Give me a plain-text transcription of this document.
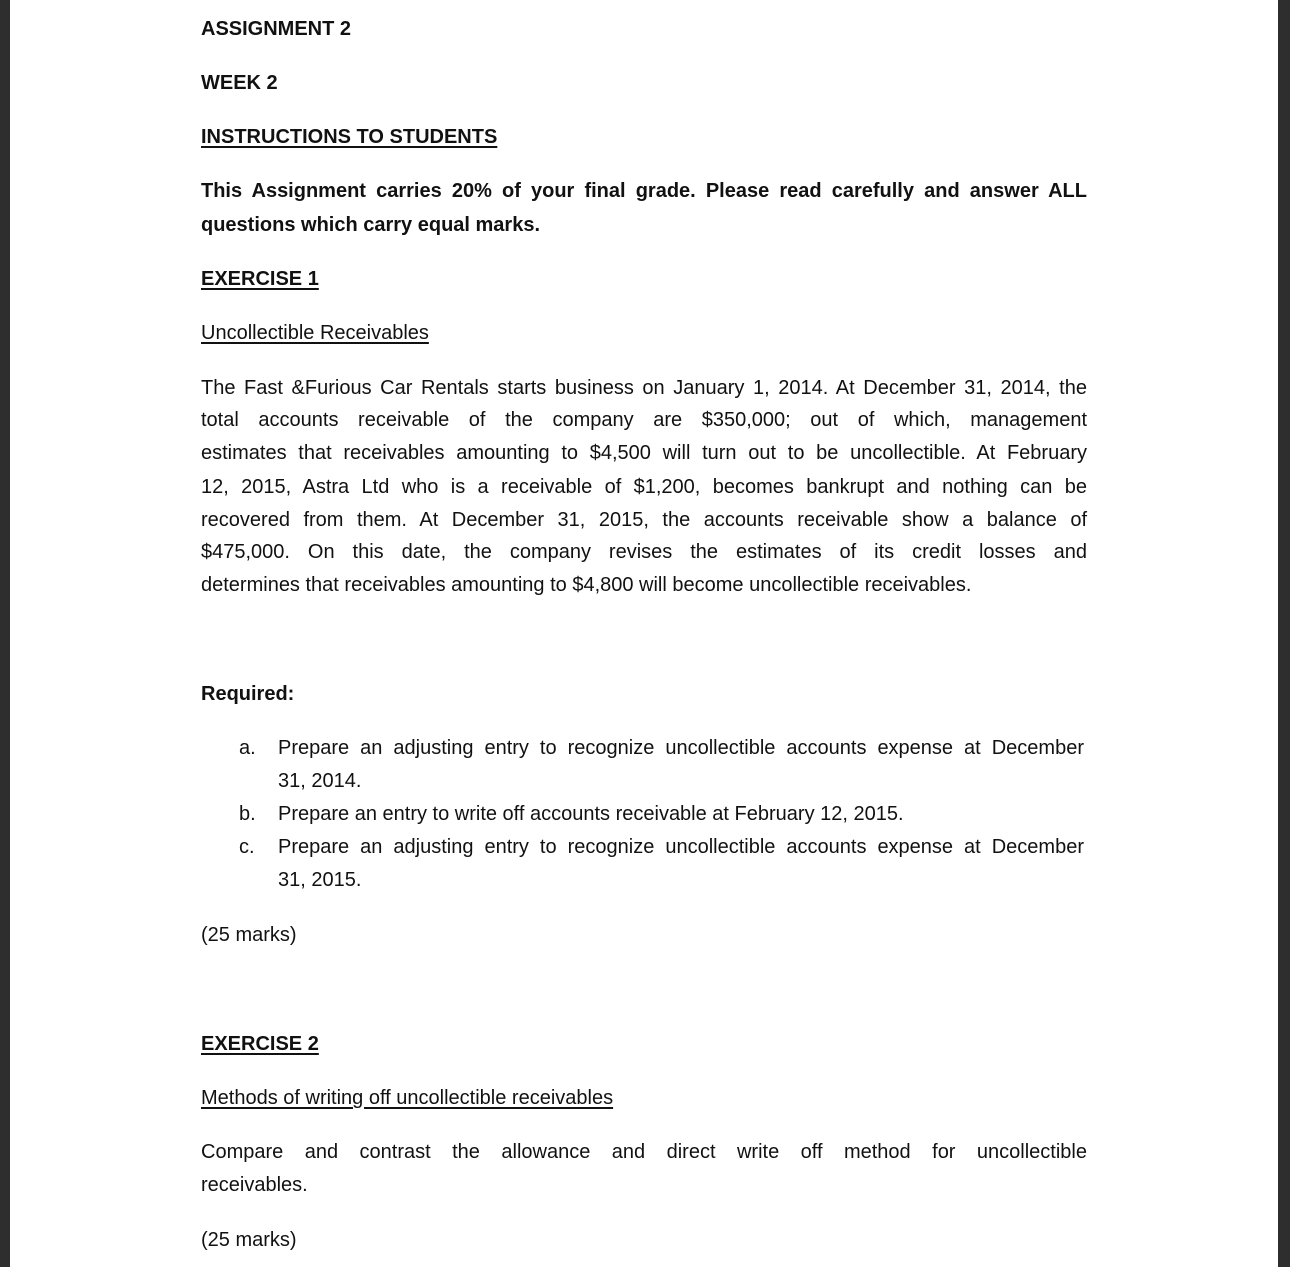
ASSIGNMENT 2
WEEK 2
INSTRUCTIONS TO STUDENTS
This Assignment carries 20% of your final grade. Please read carefully and answer ALL
questions which carry equal marks.
EXERCISE 1
Uncollectible Receivables
The Fast &Furious Car Rentals starts business on January 1, 2014. At December 31, 2014, the
total accounts receivable of the company are $350,000; out of which, management
estimates that receivables amounting to $4,500 will turn out to be uncollectible. At February
12, 2015, Astra Ltd who is a receivable of $1,200, becomes bankrupt and nothing can be
recovered from them. At December 31, 2015, the accounts receivable show a balance of
$475,000. On this date, the company revises the estimates of its credit losses and
determines that receivables amounting to $4,800 will become uncollectible receivables.
Required:
a.	Prepare an adjusting entry to recognize uncollectible accounts expense at December
31, 2014.
b.	Prepare an entry to write off accounts receivable at February 12, 2015.
c.	Prepare an adjusting entry to recognize uncollectible accounts expense at December
31, 2015.
(25 marks)
EXERCISE 2
Methods of writing off uncollectible receivables
Compare and contrast the allowance and direct write off method for uncollectible
receivables.
(25 marks)
